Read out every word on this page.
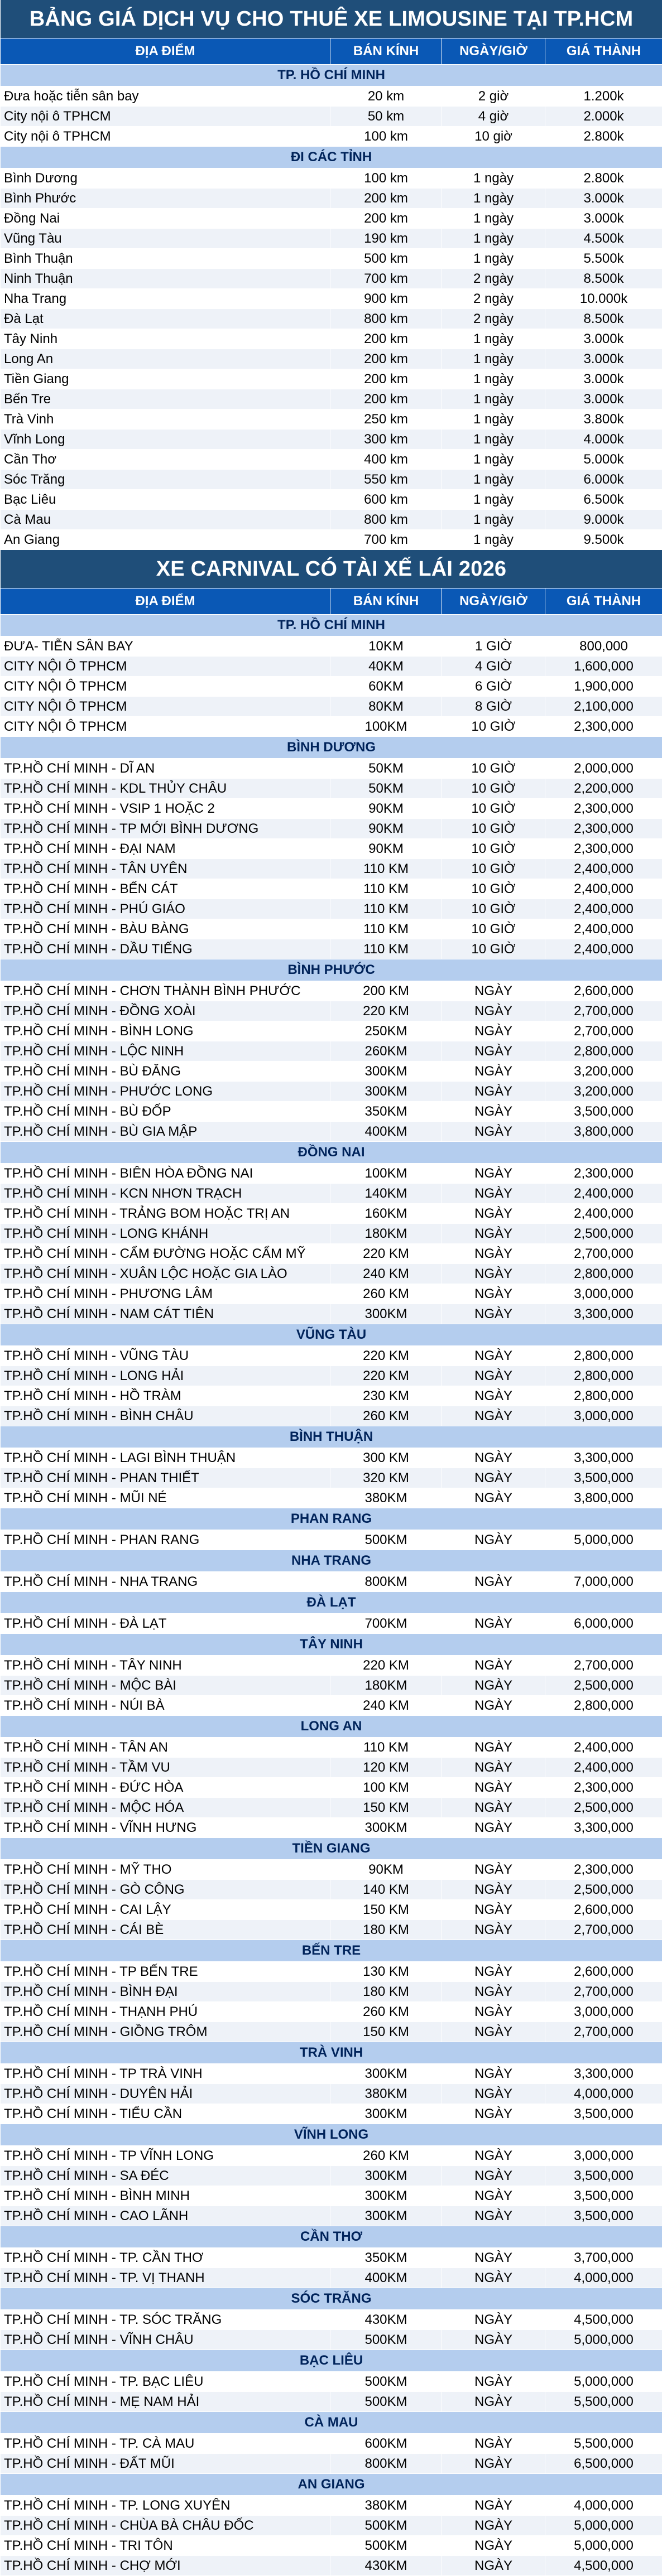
BẢNG GIÁ DỊCH VỤ CHO THUÊ XE LIMOUSINE TẠI TP.HCM			
ĐỊA ĐIỂM	BÁN KÍNH	NGÀY/GIỜ	GIÁ THÀNH
TP. HỒ CHÍ MINH			
Đưa hoặc tiễn sân bay	20 km	2 giờ	1.200k
City nội ô TPHCM	50 km	4 giờ	2.000k
City nội ô TPHCM	100 km	10 giờ	2.800k
ĐI CÁC TỈNH			
Bình Dương	100 km	1 ngày	2.800k
Bình Phước	200 km	1 ngày	3.000k
Đồng Nai	200 km	1 ngày	3.000k
Vũng Tàu	190 km	1 ngày	4.500k
Bình Thuận	500 km	1 ngày	5.500k
Ninh Thuận	700 km	2 ngày	8.500k
Nha Trang	900 km	2 ngày	10.000k
Đà Lạt	800 km	2 ngày	8.500k
Tây Ninh	200 km	1 ngày	3.000k
Long An	200 km	1 ngày	3.000k
Tiền Giang	200 km	1 ngày	3.000k
Bến Tre	200 km	1 ngày	3.000k
Trà Vinh	250 km	1 ngày	3.800k
Vĩnh Long	300 km	1 ngày	4.000k
Cần Thơ	400 km	1 ngày	5.000k
Sóc Trăng	550 km	1 ngày	6.000k
Bạc Liêu	600 km	1 ngày	6.500k
Cà Mau	800 km	1 ngày	9.000k
An Giang	700 km	1 ngày	9.500k
XE CARNIVAL CÓ TÀI XẾ LÁI 2026			
ĐỊA ĐIỂM	BÁN KÍNH	NGÀY/GIỜ	GIÁ THÀNH
TP. HỒ CHÍ MINH			
ĐƯA- TIỄN SÂN BAY	10KM	1 GIỜ	800,000
CITY NỘI Ô TPHCM	40KM	4 GIỜ	1,600,000
CITY NỘI Ô TPHCM	60KM	6 GIỜ	1,900,000
CITY NỘI Ô TPHCM	80KM	8 GIỜ	2,100,000
CITY NỘI Ô TPHCM	100KM	10 GIỜ	2,300,000
BÌNH DƯƠNG			
TP.HỒ CHÍ MINH - DĨ AN	50KM	10 GIỜ	2,000,000
TP.HỒ CHÍ MINH - KDL THỦY CHÂU	50KM	10 GIỜ	2,200,000
TP.HỒ CHÍ MINH - VSIP 1 HOẶC 2	90KM	10 GIỜ	2,300,000
TP.HỒ CHÍ MINH - TP MỚI BÌNH DƯƠNG	90KM	10 GIỜ	2,300,000
TP.HỒ CHÍ MINH - ĐẠI NAM	90KM	10 GIỜ	2,300,000
TP.HỒ CHÍ MINH - TÂN UYÊN	110 KM	10 GIỜ	2,400,000
TP.HỒ CHÍ MINH - BẾN CÁT	110 KM	10 GIỜ	2,400,000
TP.HỒ CHÍ MINH - PHÚ GIÁO	110 KM	10 GIỜ	2,400,000
TP.HỒ CHÍ MINH - BÀU BÀNG	110 KM	10 GIỜ	2,400,000
TP.HỒ CHÍ MINH - DẦU TIẾNG	110 KM	10 GIỜ	2,400,000
BÌNH PHƯỚC			
TP.HỒ CHÍ MINH - CHƠN THÀNH BÌNH PHƯỚC	200 KM	NGÀY	2,600,000
TP.HỒ CHÍ MINH - ĐỒNG XOÀI	220 KM	NGÀY	2,700,000
TP.HỒ CHÍ MINH - BÌNH LONG	250KM	NGÀY	2,700,000
TP.HỒ CHÍ MINH - LỘC NINH	260KM	NGÀY	2,800,000
TP.HỒ CHÍ MINH - BÙ ĐĂNG	300KM	NGÀY	3,200,000
TP.HỒ CHÍ MINH - PHƯỚC LONG	300KM	NGÀY	3,200,000
TP.HỒ CHÍ MINH - BÙ ĐỐP	350KM	NGÀY	3,500,000
TP.HỒ CHÍ MINH - BÙ GIA MẬP	400KM	NGÀY	3,800,000
ĐỒNG NAI			
TP.HỒ CHÍ MINH - BIÊN HÒA ĐỒNG NAI	100KM	NGÀY	2,300,000
TP.HỒ CHÍ MINH - KCN NHƠN TRẠCH	140KM	NGÀY	2,400,000
TP.HỒ CHÍ MINH - TRẢNG BOM HOẶC TRỊ AN	160KM	NGÀY	2,400,000
TP.HỒ CHÍ MINH - LONG KHÁNH	180KM	NGÀY	2,500,000
TP.HỒ CHÍ MINH - CẨM ĐƯỜNG HOẶC CẨM MỸ	220 KM	NGÀY	2,700,000
TP.HỒ CHÍ MINH - XUÂN LỘC HOẶC GIA LÀO	240 KM	NGÀY	2,800,000
TP.HỒ CHÍ MINH - PHƯƠNG LÂM	260 KM	NGÀY	3,000,000
TP.HỒ CHÍ MINH - NAM CÁT TIÊN	300KM	NGÀY	3,300,000
VŨNG TÀU			
TP.HỒ CHÍ MINH - VŨNG TÀU	220 KM	NGÀY	2,800,000
TP.HỒ CHÍ MINH - LONG HẢI	220 KM	NGÀY	2,800,000
TP.HỒ CHÍ MINH - HỒ TRÀM	230 KM	NGÀY	2,800,000
TP.HỒ CHÍ MINH - BÌNH CHÂU	260 KM	NGÀY	3,000,000
BÌNH THUẬN			
TP.HỒ CHÍ MINH - LAGI BÌNH THUẬN	300 KM	NGÀY	3,300,000
TP.HỒ CHÍ MINH - PHAN THIẾT	320 KM	NGÀY	3,500,000
TP.HỒ CHÍ MINH - MŨI NÉ	380KM	NGÀY	3,800,000
PHAN RANG			
TP.HỒ CHÍ MINH - PHAN RANG	500KM	NGÀY	5,000,000
NHA TRANG			
TP.HỒ CHÍ MINH - NHA TRANG	800KM	NGÀY	7,000,000
ĐÀ LẠT			
TP.HỒ CHÍ MINH - ĐÀ LẠT	700KM	NGÀY	6,000,000
TÂY NINH			
TP.HỒ CHÍ MINH - TÂY NINH	220 KM	NGÀY	2,700,000
TP.HỒ CHÍ MINH - MỘC BÀI	180KM	NGÀY	2,500,000
TP.HỒ CHÍ MINH - NÚI BÀ	240 KM	NGÀY	2,800,000
LONG AN			
TP.HỒ CHÍ MINH - TÂN AN	110 KM	NGÀY	2,400,000
TP.HỒ CHÍ MINH - TẦM VU	120 KM	NGÀY	2,400,000
TP.HỒ CHÍ MINH - ĐỨC HÒA	100 KM	NGÀY	2,300,000
TP.HỒ CHÍ MINH - MỘC HÓA	150 KM	NGÀY	2,500,000
TP.HỒ CHÍ MINH - VĨNH HƯNG	300KM	NGÀY	3,300,000
TIỀN GIANG			
TP.HỒ CHÍ MINH - MỸ THO	90KM	NGÀY	2,300,000
TP.HỒ CHÍ MINH - GÒ CÔNG	140 KM	NGÀY	2,500,000
TP.HỒ CHÍ MINH - CAI LẬY	150 KM	NGÀY	2,600,000
TP.HỒ CHÍ MINH - CÁI BÈ	180 KM	NGÀY	2,700,000
BẾN TRE			
TP.HỒ CHÍ MINH - TP BẾN TRE	130 KM	NGÀY	2,600,000
TP.HỒ CHÍ MINH - BÌNH ĐẠI	180 KM	NGÀY	2,700,000
TP.HỒ CHÍ MINH - THẠNH PHÚ	260 KM	NGÀY	3,000,000
TP.HỒ CHÍ MINH - GIỒNG TRÔM	150 KM	NGÀY	2,700,000
TRÀ VINH			
TP.HỒ CHÍ MINH - TP TRÀ VINH	300KM	NGÀY	3,300,000
TP.HỒ CHÍ MINH - DUYÊN HẢI	380KM	NGÀY	4,000,000
TP.HỒ CHÍ MINH - TIỂU CẦN	300KM	NGÀY	3,500,000
VĨNH LONG			
TP.HỒ CHÍ MINH - TP VĨNH LONG	260 KM	NGÀY	3,000,000
TP.HỒ CHÍ MINH - SA ĐÉC	300KM	NGÀY	3,500,000
TP.HỒ CHÍ MINH - BÌNH MINH	300KM	NGÀY	3,500,000
TP.HỒ CHÍ MINH - CAO LÃNH	300KM	NGÀY	3,500,000
CẦN THƠ			
TP.HỒ CHÍ MINH - TP. CẦN THƠ	350KM	NGÀY	3,700,000
TP.HỒ CHÍ MINH - TP. VỊ THANH	400KM	NGÀY	4,000,000
SÓC TRĂNG			
TP.HỒ CHÍ MINH - TP. SÓC TRĂNG	430KM	NGÀY	4,500,000
TP.HỒ CHÍ MINH - VĨNH CHÂU	500KM	NGÀY	5,000,000
BẠC LIÊU			
TP.HỒ CHÍ MINH - TP. BẠC LIÊU	500KM	NGÀY	5,000,000
TP.HỒ CHÍ MINH - MẸ NAM HẢI	500KM	NGÀY	5,500,000
CÀ MAU			
TP.HỒ CHÍ MINH - TP. CÀ MAU	600KM	NGÀY	5,500,000
TP.HỒ CHÍ MINH - ĐẤT MŨI	800KM	NGÀY	6,500,000
AN GIANG			
TP.HỒ CHÍ MINH - TP. LONG XUYÊN	380KM	NGÀY	4,000,000
TP.HỒ CHÍ MINH - CHÙA BÀ CHÂU ĐỐC	500KM	NGÀY	5,000,000
TP.HỒ CHÍ MINH - TRI TÔN	500KM	NGÀY	5,000,000
TP.HỒ CHÍ MINH - CHỢ MỚI	430KM	NGÀY	4,500,000
